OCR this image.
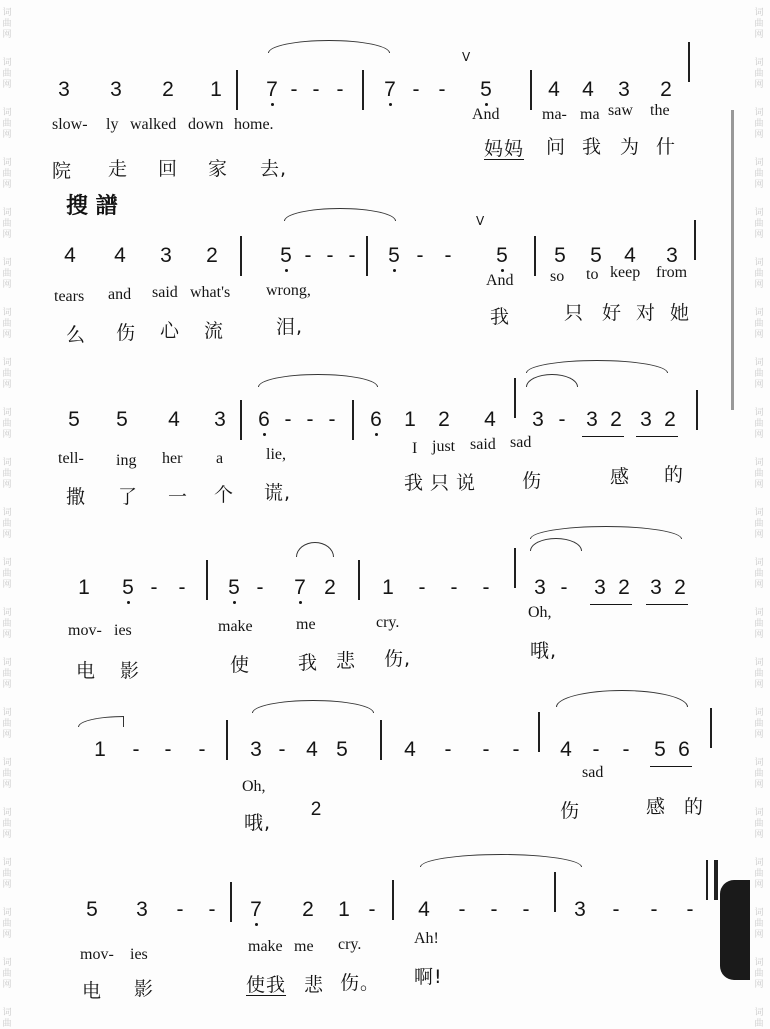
词
曲
网
词
曲
网
词
曲
网
词
曲
网
词
曲
网
词
曲
网
词
曲
网
词
曲
网
词
曲
网
词
曲
网
词
曲
网
词
曲
网
词
曲
网
词
曲
网
词
曲
网
词
曲
网
词
曲
网
词
曲
网
词
曲
网
词
曲
网
词
曲
词
曲
网
词
曲
网
词
曲
网
词
曲
网
词
曲
网
词
曲
网
词
曲
网
词
曲
网
词
曲
网
词
曲
网
词
曲
网
词
曲
网
词
曲
网
词
曲
网
词
曲
网
词
曲
网
词
曲
网
词
曲
网
词
曲
网
词
曲
网
词
曲
搜 譜
3 3 2 1 7 - - -	7 - -
V
5	4 4 3 2
slow- ly walked down home.
And	ma- ma saw the
院 走 回 家 去,
妈妈 问 我 为 什
4 4 3 2	5 - - -	5 -	-
V
5 5 5 4 3
tears and said what's wrong,
And so to keep from
么 伤 心 流	泪,	我	只 好 对 她
5 5 4 3 6 - - -	6 1 2 4 3 - 3 2 3 2
tell- ing her a	lie,	I just said sad
撒 了 一 个 谎,	我 只 说 伤	感 的
1 5 -	-	5 -	7 2 1	-	-	-	3 -	3 2 3 2
mov- ies	make	me	cry.
Oh,
电 影	使	我 悲 伤,	哦,
1	-	-	-	3 - 4 5	4	-	-	-	4 -	-	5 6
Oh,
sad
哦,
2	伤	感 的
5 3	-	-	7 2 1 -	4	-	-	-	3	-	-	-
mov- ies	make me cry.	Ah!
电 影	使我 悲 伤。 啊!
